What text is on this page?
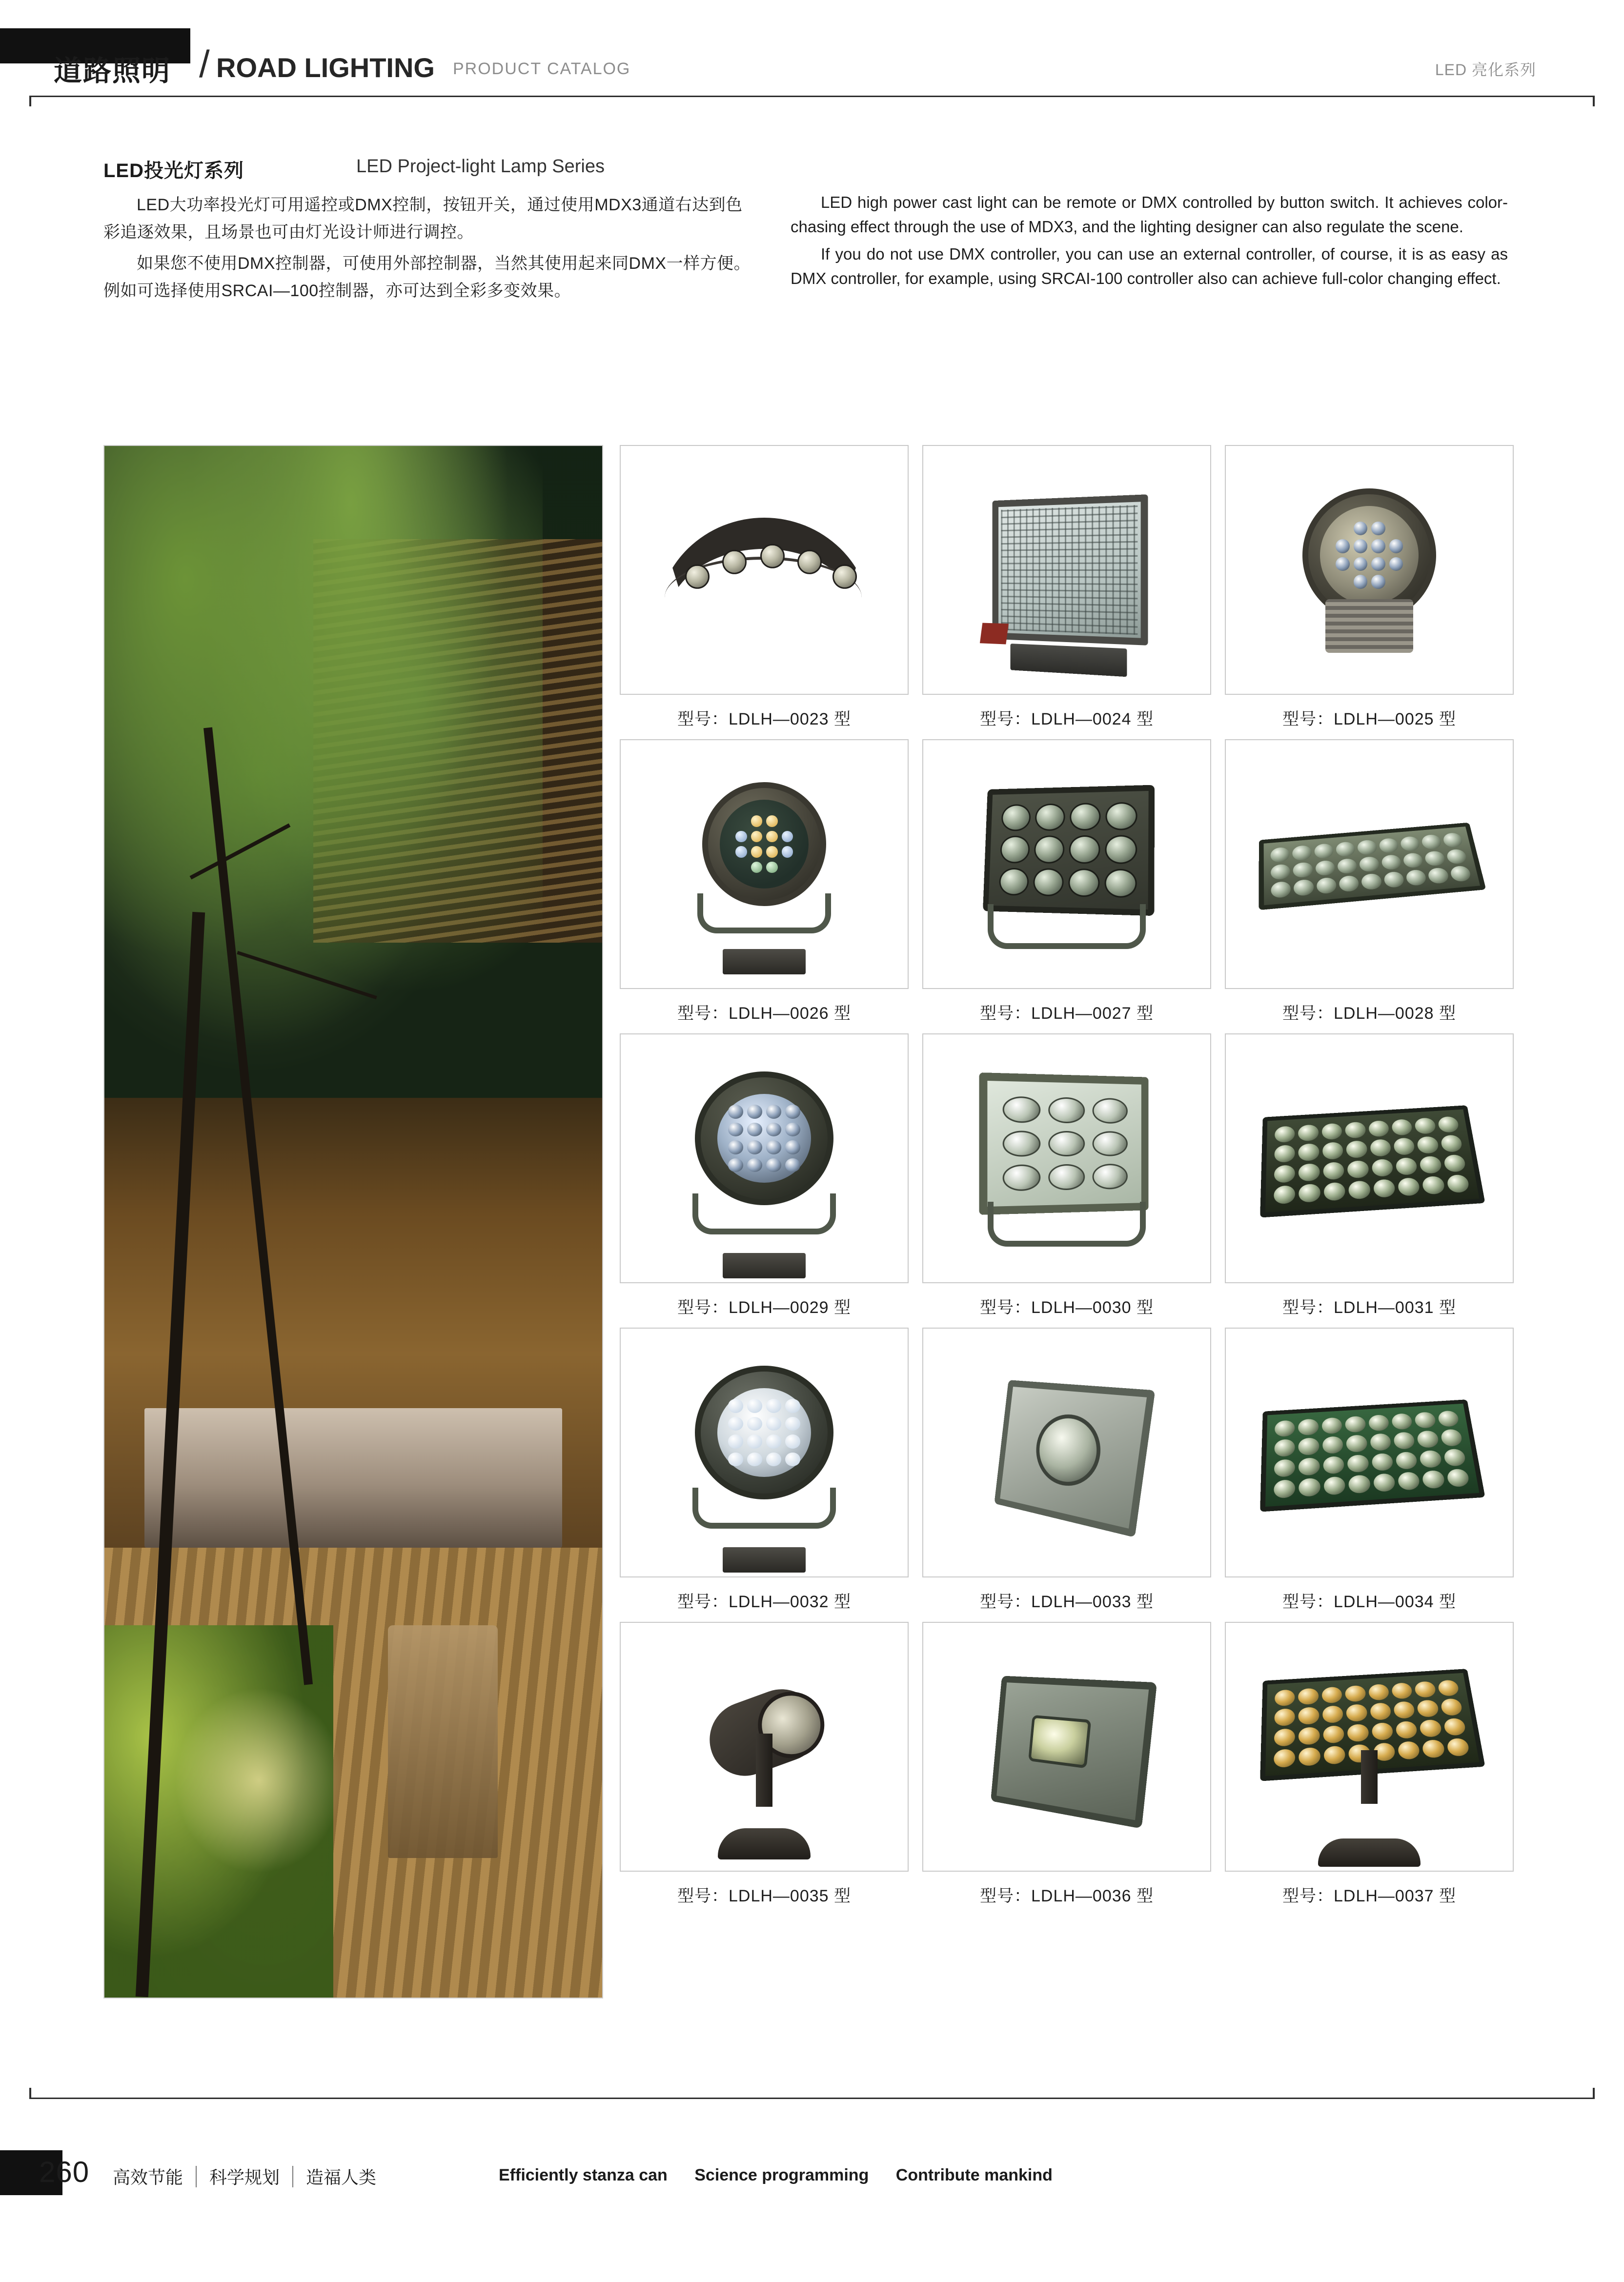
道路照明 / ROAD LIGHTING PRODUCT CATALOG	LED 亮化系列
LED投光灯系列	LED Project-light Lamp Series

LED大功率投光灯可用遥控或DMX控制，按钮开关，通过使用MDX3通道右达到色彩追逐效果，且场景也可由灯光设计师进行调控。

如果您不使用DMX控制器，可使用外部控制器，当然其使用起来同DMX一样方便。例如可选择使用SRCAI—100控制器，亦可达到全彩多变效果。

LED high power cast light can be remote or DMX controlled by button switch. It achieves color-chasing effect through the use of MDX3, and the lighting designer can also regulate the scene.

If you do not use DMX controller, you can use an external controller, of course, it is as easy as DMX controller, for example, using SRCAI-100 controller also can achieve full-color changing effect.

型号：LDLH—0023 型	型号：LDLH—0024 型	型号：LDLH—0025 型
型号：LDLH—0026 型	型号：LDLH—0027 型	型号：LDLH—0028 型
型号：LDLH—0029 型	型号：LDLH—0030 型	型号：LDLH—0031 型
型号：LDLH—0032 型	型号：LDLH—0033 型	型号：LDLH—0034 型
型号：LDLH—0035 型	型号：LDLH—0036 型	型号：LDLH—0037 型
260	高效节能	科学规划	造福人类	Efficiently stanza can Science programming Contribute mankind
